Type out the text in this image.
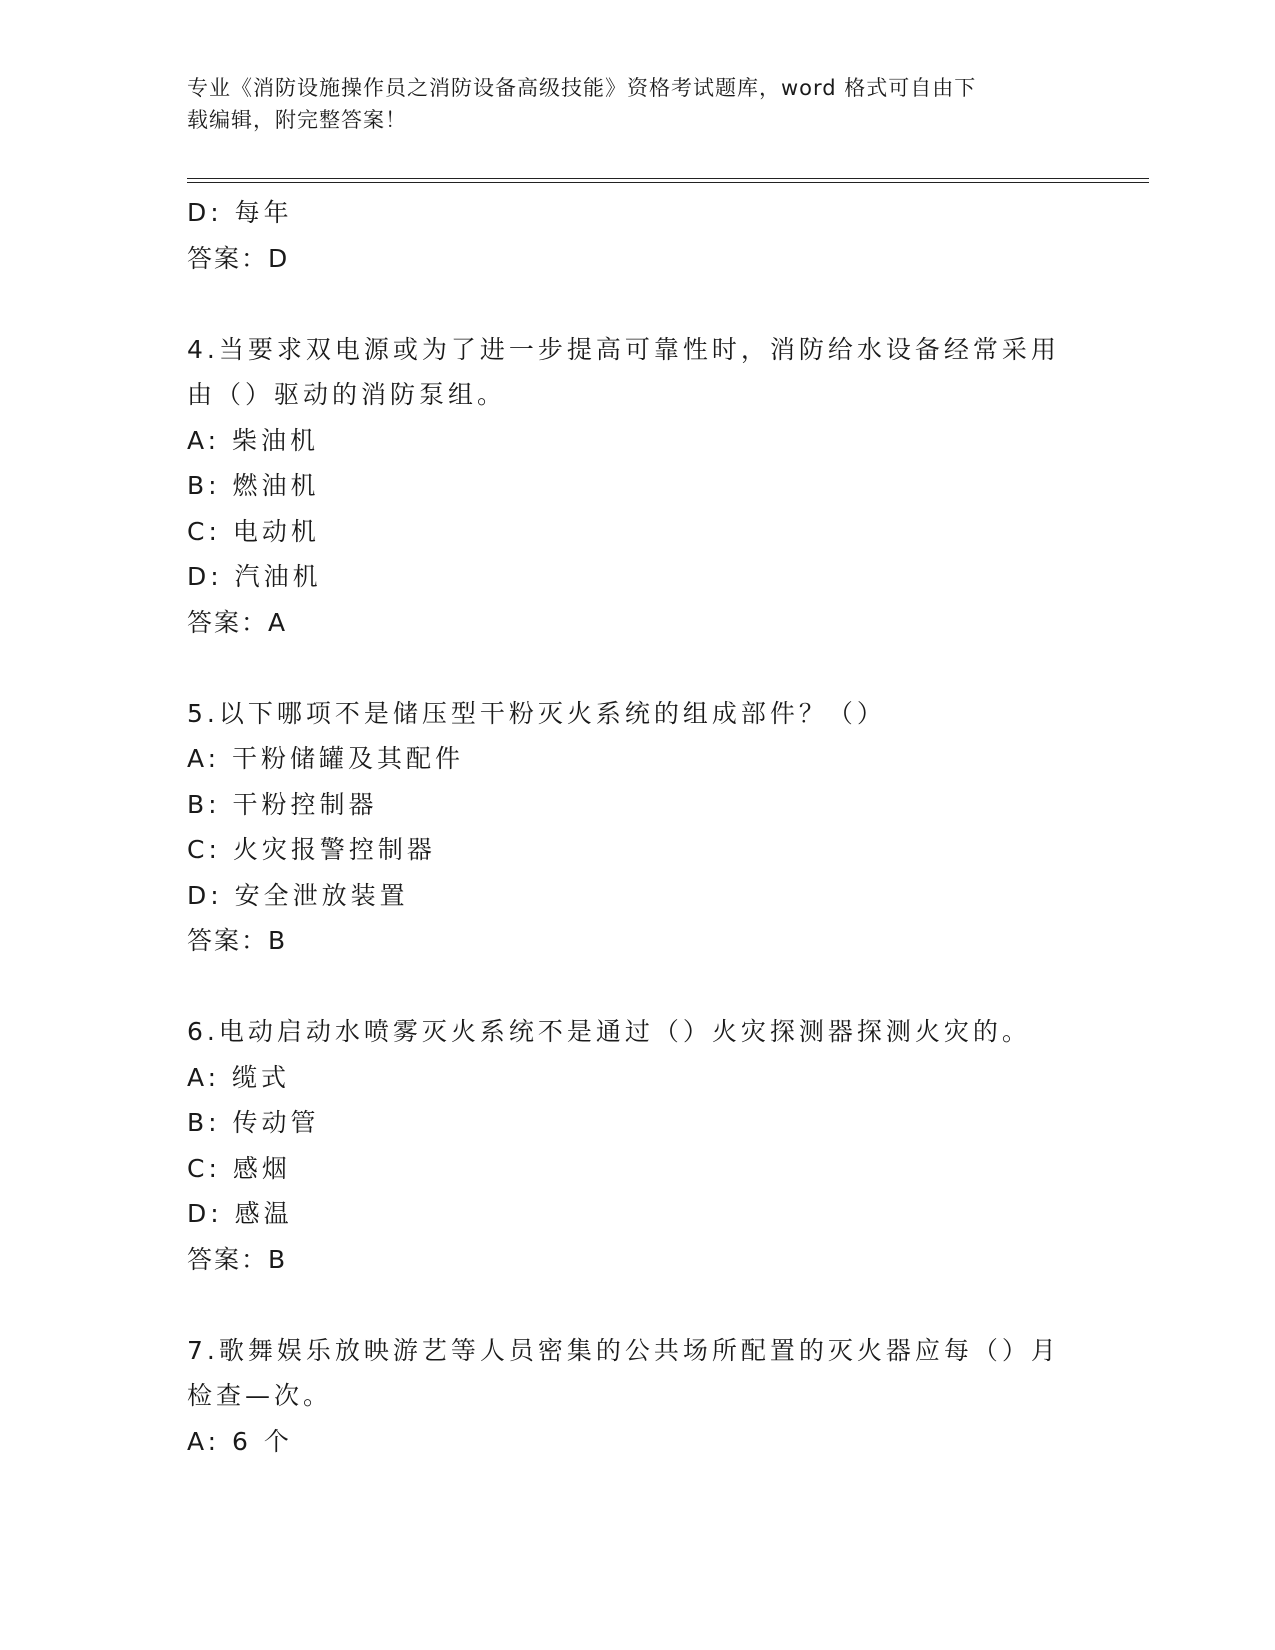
专业《消防设施操作员之消防设备高级技能》资格考试题库，word 格式可自由下
载编辑，附完整答案！
D: 每年
答案：D
4.当要求双电源或为了进一步提高可靠性时，消防给水设备经常采用
由（）驱动的消防泵组。
A: 柴油机
B: 燃油机
C: 电动机
D: 汽油机
答案：A
5.以下哪项不是储压型干粉灭火系统的组成部件？（）
A: 干粉储罐及其配件
B: 干粉控制器
C: 火灾报警控制器
D: 安全泄放装置
答案：B
6.电动启动水喷雾灭火系统不是通过（）火灾探测器探测火灾的。
A: 缆式
B: 传动管
C: 感烟
D: 感温
答案：B
7.歌舞娱乐放映游艺等人员密集的公共场所配置的灭火器应每（）月
检查—次。
A: 6 个
